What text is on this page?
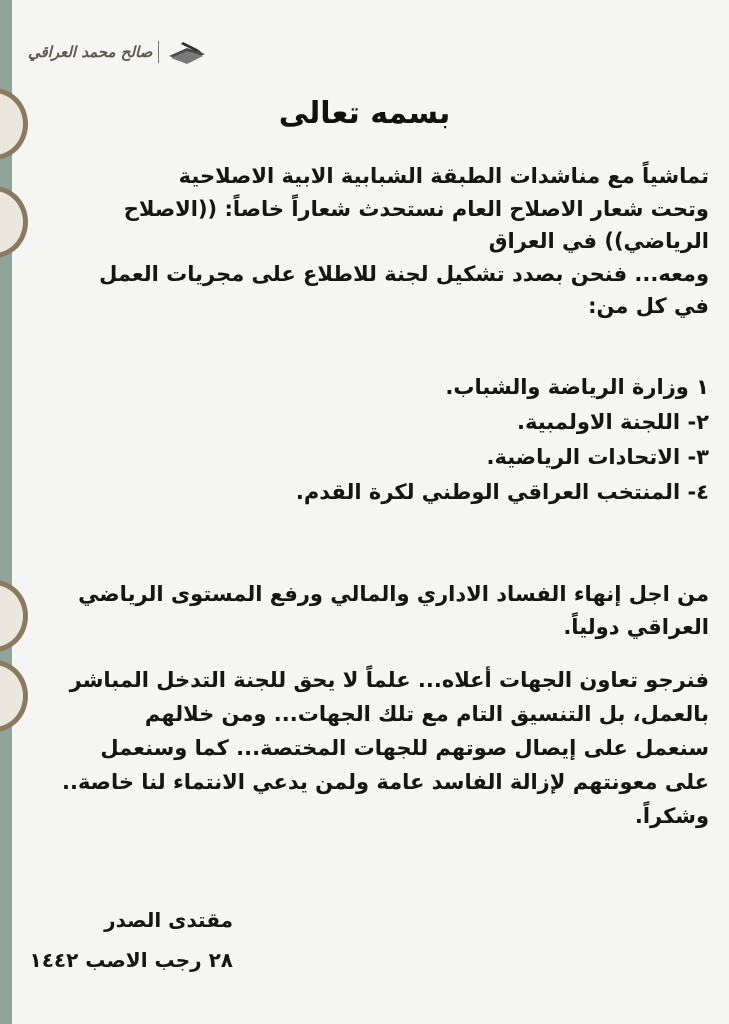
صالح محمد العراقي
بسمه تعالى
تماشياً مع مناشدات الطبقة الشبابية الابية الاصلاحية
وتحت شعار الاصلاح العام نستحدث شعاراً خاصاً: ((الاصلاح
الرياضي)) في العراق
ومعه... فنحن بصدد تشكيل لجنة للاطلاع على مجريات العمل
في كل من:
١ وزارة الرياضة والشباب.
٢- اللجنة الاولمبية.
٣- الاتحادات الرياضية.
٤- المنتخب العراقي الوطني لكرة القدم.
من اجل إنهاء الفساد الاداري والمالي ورفع المستوى الرياضي
العراقي دولياً.
فنرجو تعاون الجهات أعلاه... علماً لا يحق للجنة التدخل المباشر
بالعمل، بل التنسيق التام مع تلك الجهات... ومن خلالهم
سنعمل على إيصال صوتهم للجهات المختصة... كما وسنعمل
على معونتهم لإزالة الفاسد عامة ولمن يدعي الانتماء لنا خاصة..
وشكراً.
مقتدى الصدر
٢٨ رجب الاصب ١٤٤٢
